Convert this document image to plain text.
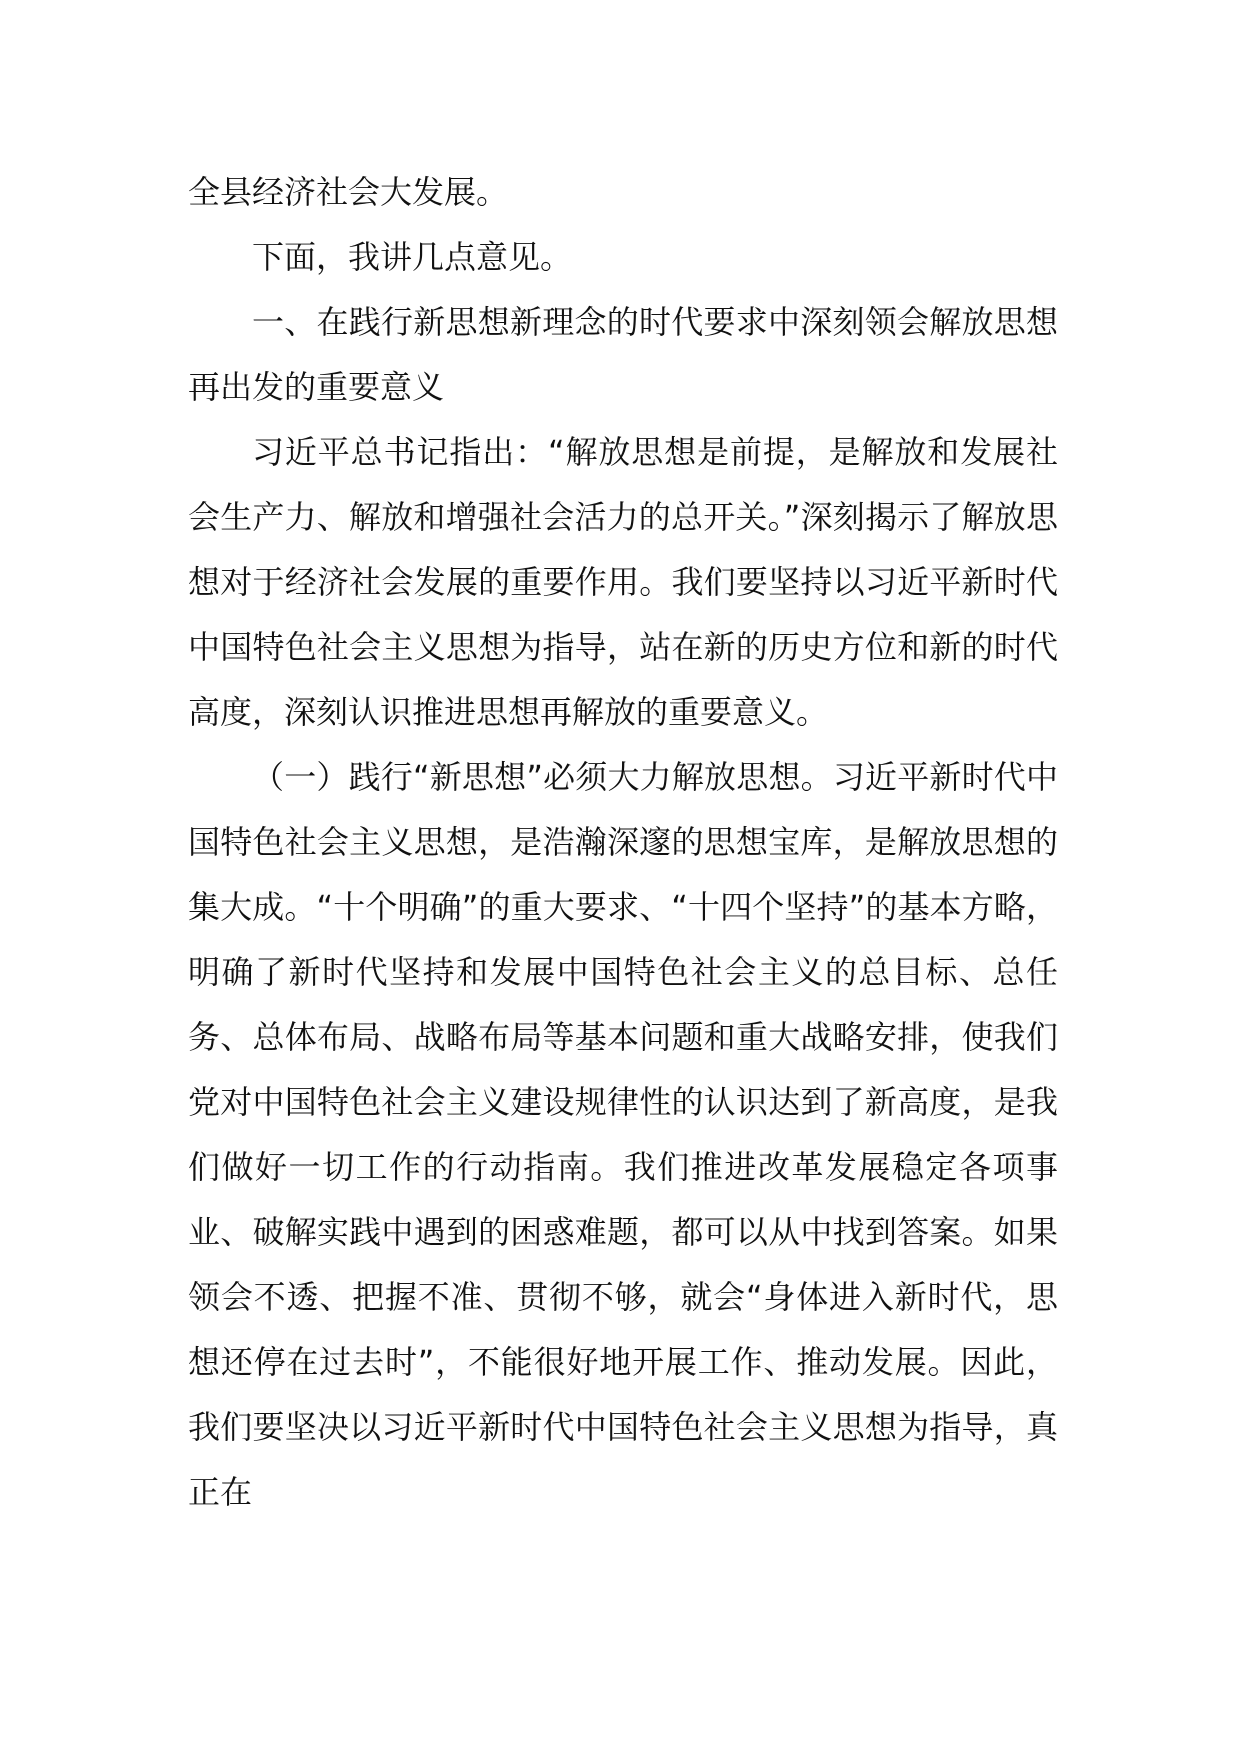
全县经济社会大发展。

下面，我讲几点意见。

一、在践行新思想新理念的时代要求中深刻领会解放思想再出发的重要意义

习近平总书记指出：“解放思想是前提，是解放和发展社会生产力、解放和增强社会活力的总开关。”深刻揭示了解放思想对于经济社会发展的重要作用。我们要坚持以习近平新时代中国特色社会主义思想为指导，站在新的历史方位和新的时代高度，深刻认识推进思想再解放的重要意义。

（一）践行“新思想”必须大力解放思想。习近平新时代中国特色社会主义思想，是浩瀚深邃的思想宝库，是解放思想的集大成。“十个明确”的重大要求、“十四个坚持”的基本方略，明确了新时代坚持和发展中国特色社会主义的总目标、总任务、总体布局、战略布局等基本问题和重大战略安排，使我们党对中国特色社会主义建设规律性的认识达到了新高度，是我们做好一切工作的行动指南。我们推进改革发展稳定各项事业、破解实践中遇到的困惑难题，都可以从中找到答案。如果领会不透、把握不准、贯彻不够，就会“身体进入新时代，思想还停在过去时”，不能很好地开展工作、推动发展。因此，我们要坚决以习近平新时代中国特色社会主义思想为指导，真正在
